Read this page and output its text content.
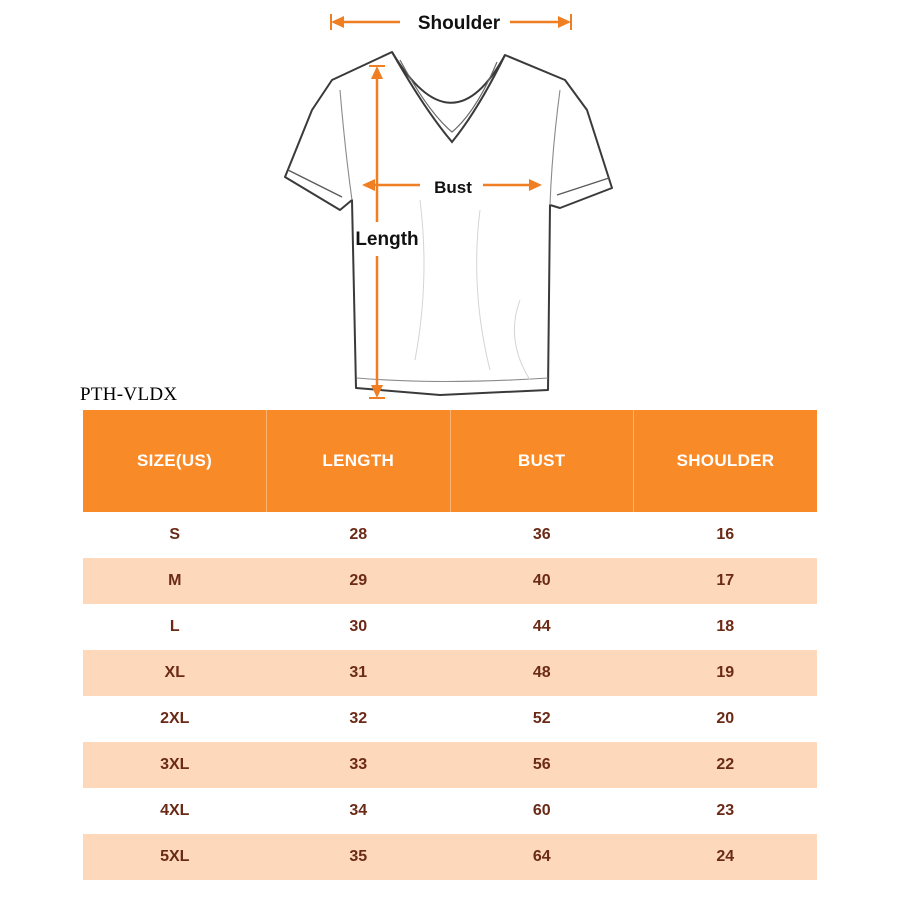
Shoulder
Bust
Length
PTH-VLDX
SIZE(US)	LENGTH	BUST	SHOULDER
S	28	36	16
M	29	40	17
L	30	44	18
XL	31	48	19
2XL	32	52	20
3XL	33	56	22
4XL	34	60	23
5XL	35	64	24
